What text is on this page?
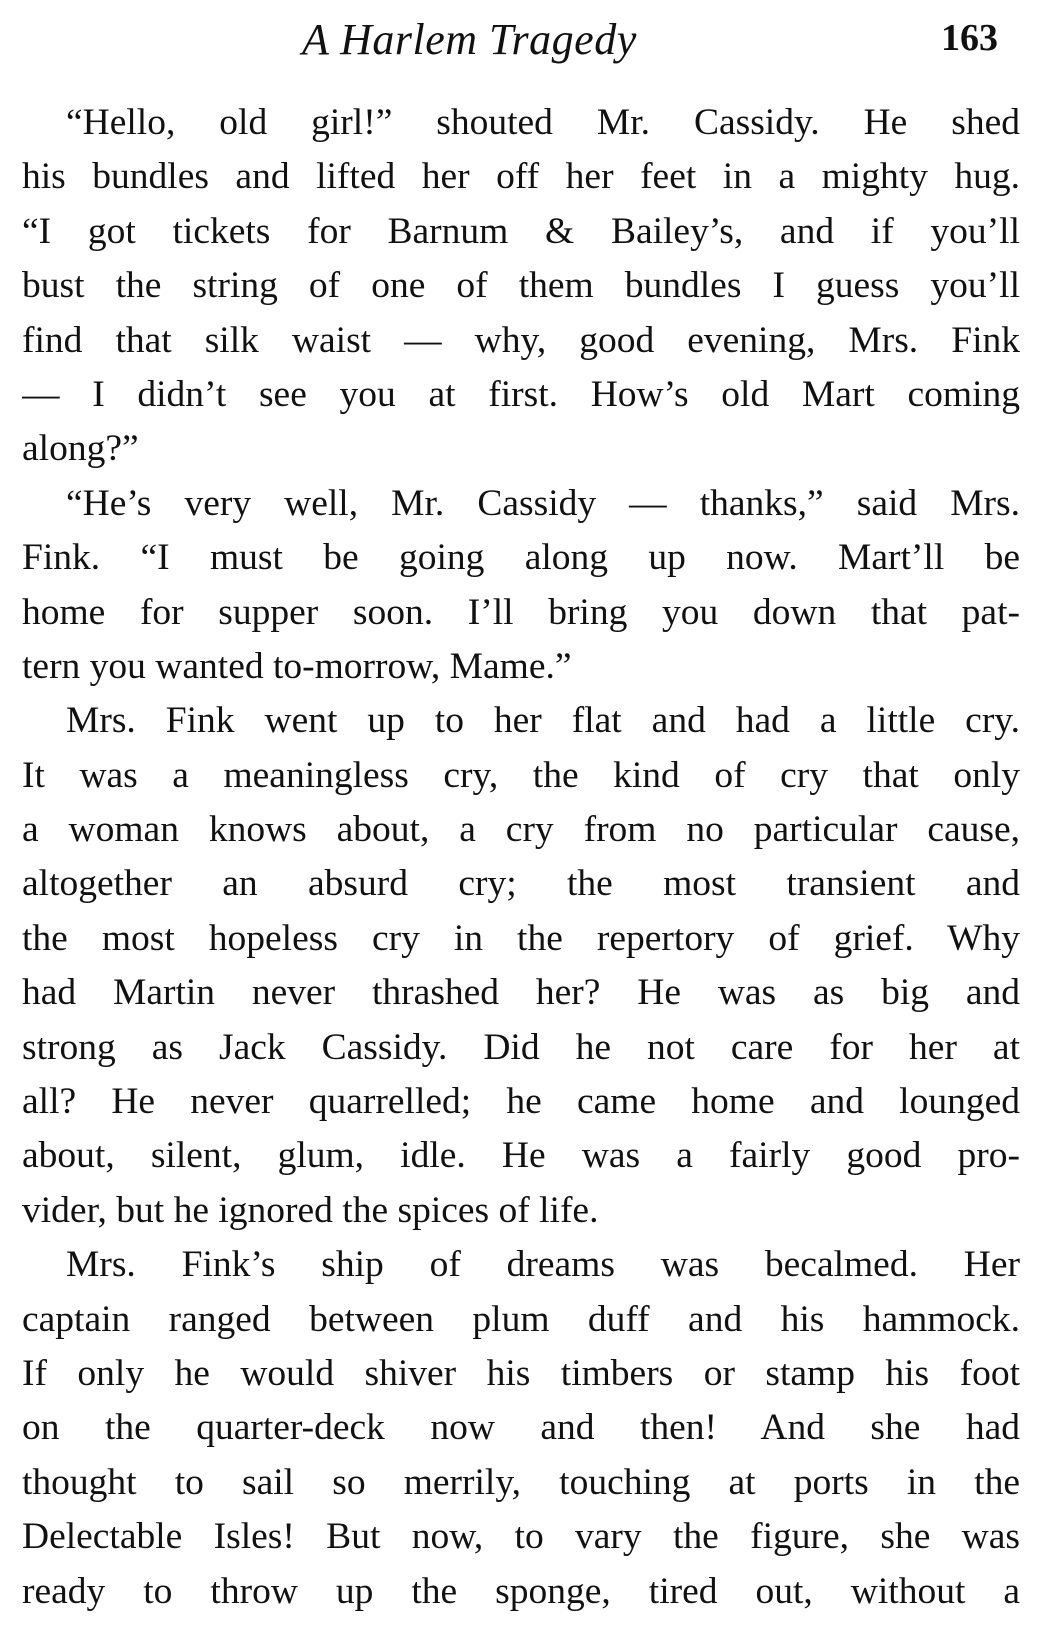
A Harlem Tragedy	163
“Hello, old girl!” shouted Mr. Cassidy. He shed
his bundles and lifted her off her feet in a mighty hug.
“I got tickets for Barnum & Bailey’s, and if you’ll
bust the string of one of them bundles I guess you’ll
find that silk waist — why, good evening, Mrs. Fink
— I didn’t see you at first. How’s old Mart coming
along?”
“He’s very well, Mr. Cassidy — thanks,” said Mrs.
Fink. “I must be going along up now. Mart’ll be
home for supper soon. I’ll bring you down that pat-
tern you wanted to-morrow, Mame.”
Mrs. Fink went up to her flat and had a little cry.
It was a meaningless cry, the kind of cry that only
a woman knows about, a cry from no particular cause,
altogether an absurd cry; the most transient and
the most hopeless cry in the repertory of grief. Why
had Martin never thrashed her? He was as big and
strong as Jack Cassidy. Did he not care for her at
all? He never quarrelled; he came home and lounged
about, silent, glum, idle. He was a fairly good pro-
vider, but he ignored the spices of life.
Mrs. Fink’s ship of dreams was becalmed. Her
captain ranged between plum duff and his hammock.
If only he would shiver his timbers or stamp his foot
on the quarter-deck now and then! And she had
thought to sail so merrily, touching at ports in the
Delectable Isles! But now, to vary the figure, she was
ready to throw up the sponge, tired out, without a
